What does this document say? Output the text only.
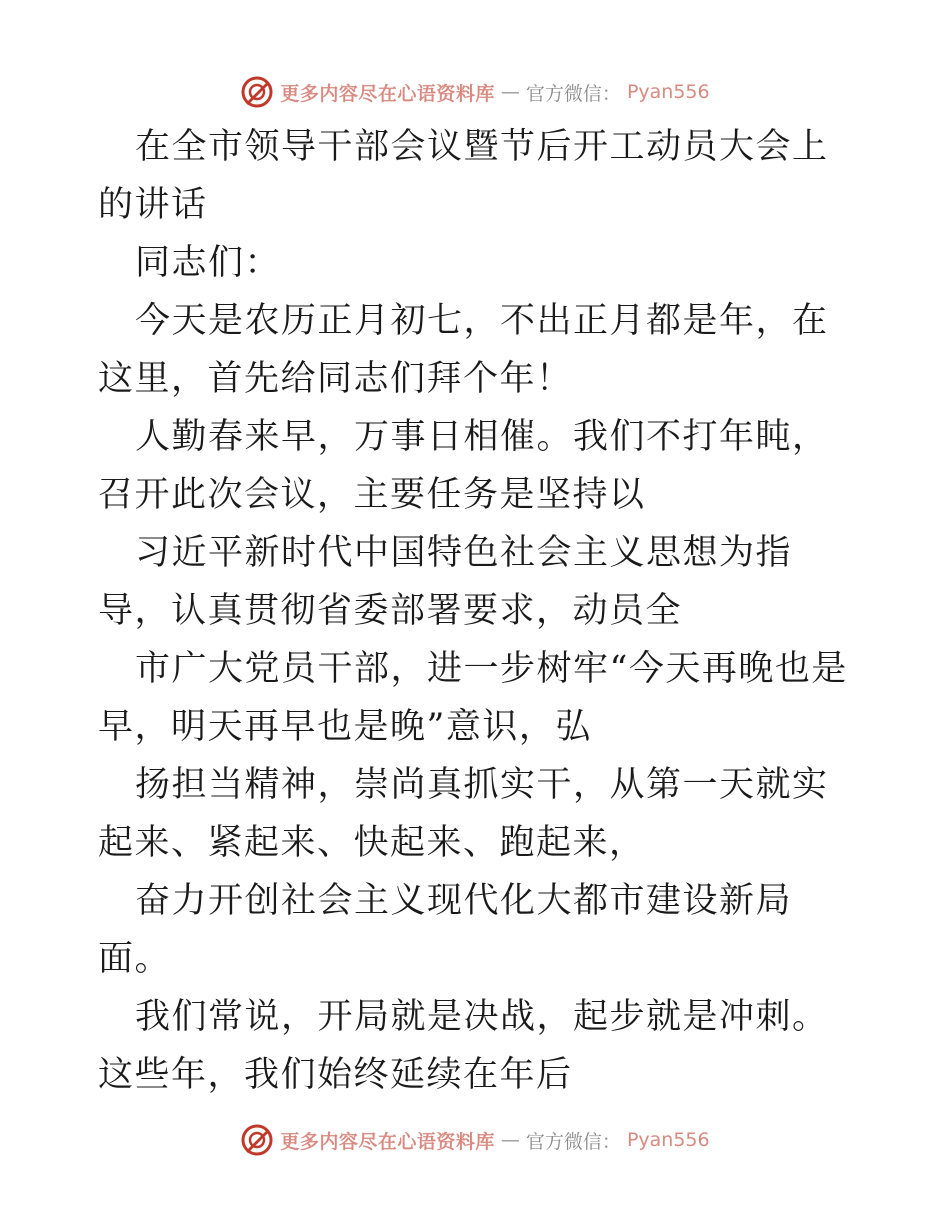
更多内容尽在心语资料库 — 官方微信： Pyan556

在全市领导干部会议暨节后开工动员大会上的讲话

同志们：

今天是农历正月初七，不出正月都是年，在这里，首先给同志们拜个年！

人勤春来早，万事日相催。我们不打年盹，召开此次会议，主要任务是坚持以

习近平新时代中国特色社会主义思想为指导，认真贯彻省委部署要求，动员全

市广大党员干部，进一步树牢“今天再晚也是早，明天再早也是晚”意识，弘

扬担当精神，崇尚真抓实干，从第一天就实起来、紧起来、快起来、跑起来，

奋力开创社会主义现代化大都市建设新局面。

我们常说，开局就是决战，起步就是冲刺。这些年，我们始终延续在年后

更多内容尽在心语资料库 — 官方微信： Pyan556
